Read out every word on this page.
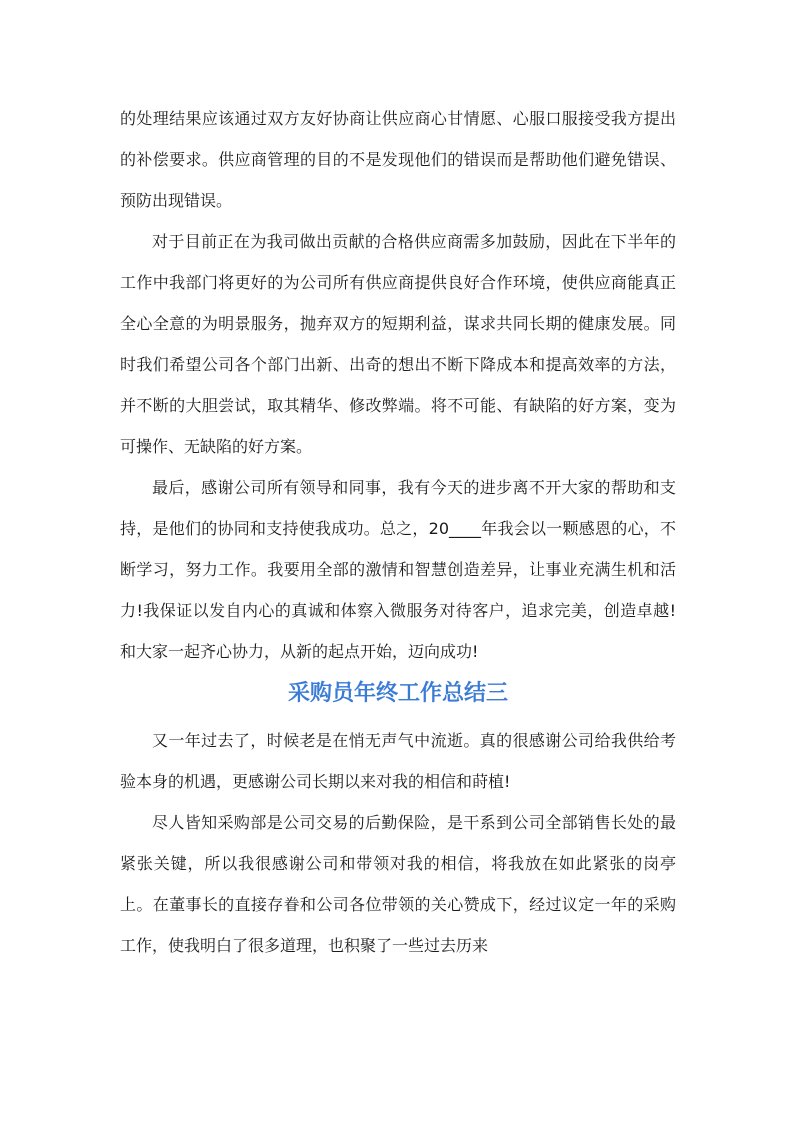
的处理结果应该通过双方友好协商让供应商心甘情愿、心服口服接受我方提出的补偿要求。供应商管理的目的不是发现他们的错误而是帮助他们避免错误、预防出现错误。

对于目前正在为我司做出贡献的合格供应商需多加鼓励，因此在下半年的工作中我部门将更好的为公司所有供应商提供良好合作环境，使供应商能真正全心全意的为明景服务，抛弃双方的短期利益，谋求共同长期的健康发展。同时我们希望公司各个部门出新、出奇的想出不断下降成本和提高效率的方法，并不断的大胆尝试，取其精华、修改弊端。将不可能、有缺陷的好方案，变为可操作、无缺陷的好方案。

最后，感谢公司所有领导和同事，我有今天的进步离不开大家的帮助和支持，是他们的协同和支持使我成功。总之，20____年我会以一颗感恩的心，不断学习，努力工作。我要用全部的激情和智慧创造差异，让事业充满生机和活力!我保证以发自内心的真诚和体察入微服务对待客户，追求完美，创造卓越!和大家一起齐心协力，从新的起点开始，迈向成功!

采购员年终工作总结三

又一年过去了，时候老是在悄无声气中流逝。真的很感谢公司给我供给考验本身的机遇，更感谢公司长期以来对我的相信和莳植!

尽人皆知采购部是公司交易的后勤保险，是干系到公司全部销售长处的最紧张关键，所以我很感谢公司和带领对我的相信，将我放在如此紧张的岗亭上。在董事长的直接存眷和公司各位带领的关心赞成下，经过议定一年的采购工作，使我明白了很多道理，也积聚了一些过去历来
